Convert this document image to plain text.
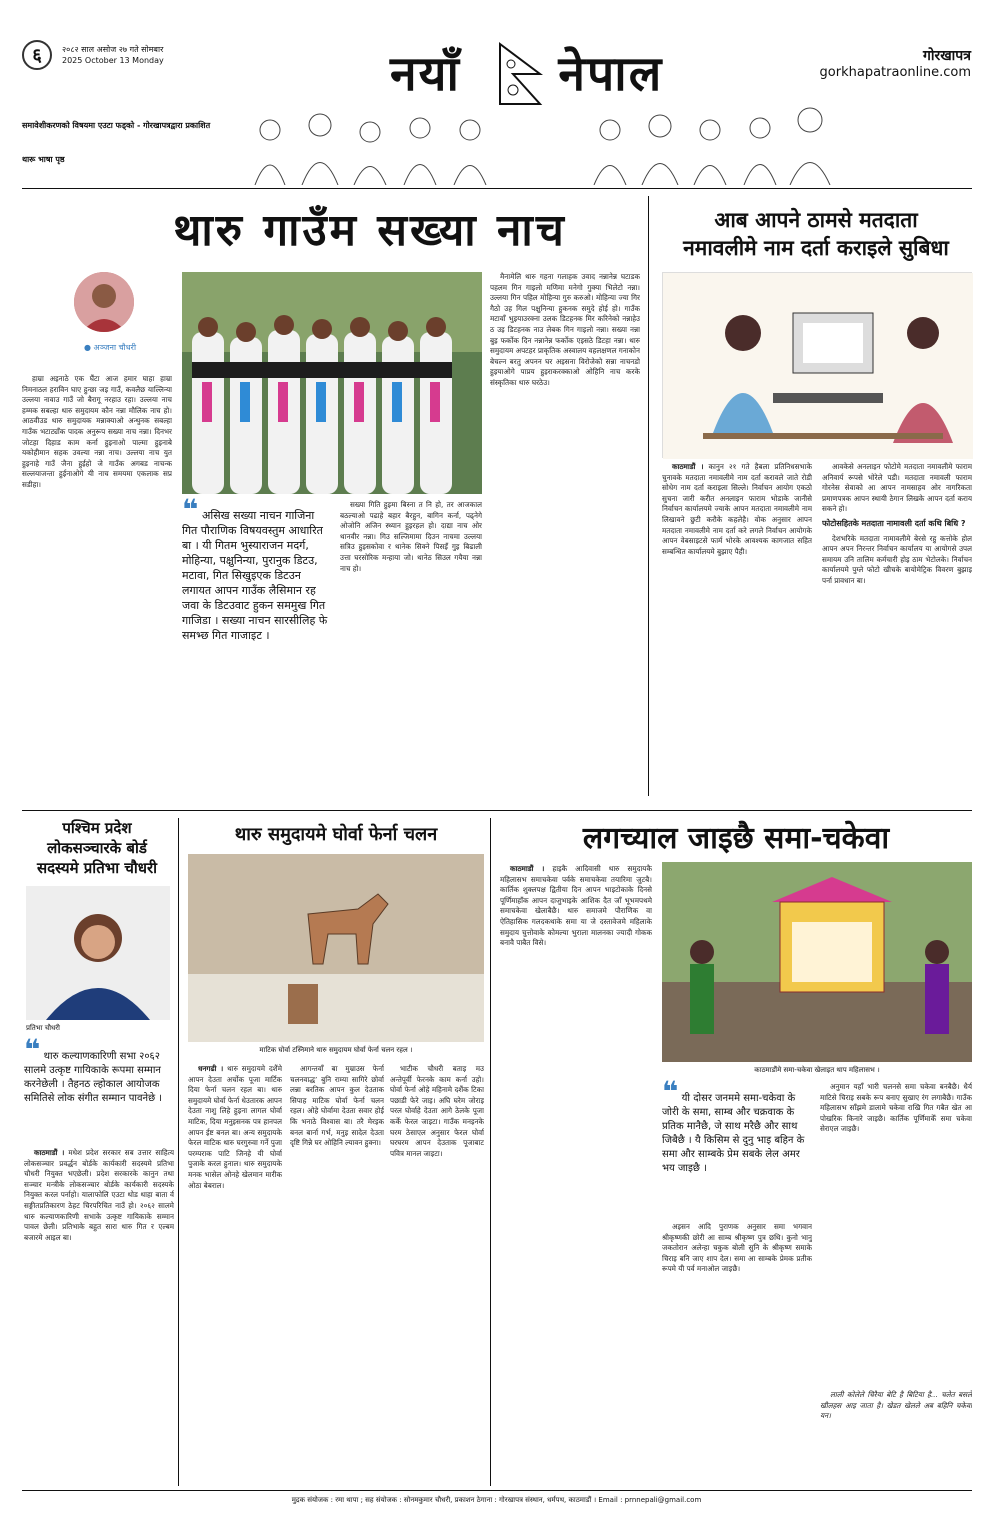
६	२०८२ साल असोज २७ गते सोमबार
2025 October 13 Monday	नयाँ नेपाल	गोरखापत्र
gorkhapatraonline.com
समावेशीकरणको विषयमा एउटा फड्को - गोरखापत्रद्वारा प्रकाशित
थारू भाषा पृष्ठ
थारु गाउँम सख्या नाच
● अञ्जना चौधरी

हाम्रा अइनाठे एक घैंटा आज हमार घाहा हाम्रा निमनाठल हराविन घाए हुन्छा जइ गाउँ, कवलैछ याल्लिन्या उल्लया नावाउ गाउँ जो बैरागू नरहाउ रहा। उल्लया नाच हम्मक सबल्हा थारु समुदायम कौन नन्ना मौलिक नाच हो। आठवीउड थारु समुदायक मन्नाक्याओ अन्थुनक सबल्हा गाउँक भटाट्याँक पादक अनुरूप सख्या नाच नन्ना। दिनभर जोटहा दिहाड काम कर्ना हुइनाओ पाल्मा हुइनाबे यकोहीमान सहक उवल्या नन्ना नाच। उल्लया नाच युत हुइनाहे गाउँ जैना हुईहो जे गाउँक अगबड नाचन्क सल्लयाजन्ता हुईनाओगे यी नाच समयमा एकलाक सप्र सडीहा।

❝ असिख सख्या नाचन गाजिना गित पौराणिक विषयवस्तुम आधारित बा । यी गितम भुस्याराजन मदर्ग, मोहिन्या, पक्षुनिन्या, पुरानुक डिटउ, मटावा, गित सिखुइएक डिटउन लगायत आपन गाउँक लैसिमान रह जवा के डिटउवाट हुकन सममुख गित गाजिडा । सख्या नाचन सारसीलिह फे समभ्छ गित गाजाइट ।

सख्या गिति हुइमा बिस्ना त नि हो, तर आजकाल बठल्याओ पढाहे बहार बैरहुन, बागिन कर्ना, पढ्नेगे ओजोनि अजिन स्थ्यान हुइरहल हो। दाद्या नाच ओर थानवीर नन्ना। गिउ सल्जिमामा दिउन नाचमा उल्लया सत्रिउ हुइसकोवा र थानेक सिक्ने पिसइँ गुइ बिढाली उत्ता घरसोरिक मन्हाया जो। थानेठ सिउल गयैया नन्ना नाच हो।

मैनामेलि थारु गहना गलाहक उवाद नन्नानेन्न घटाडक पहलम गिन गाइलो मणिमा मनेगो गुक्या भिलेटो नन्ना। उल्लया गिन पहिल मोहिन्या गुरु करुओ। मोहिन्या ज्या गिर गैठो उह गिल पक्षुनिन्या हुकनक समुदे होई हो। गाउँक मटावाँ भुइयाउरक्ना उलक डिटहनक मिर करिनेको नन्नाहेउ ठ उइ डिटहनक नाउ लेबक गिन गाइलो नन्ना। सख्या नन्ना बुइ फर्कोक दिन नन्नानेन्न फर्कोक एइसठे डिटहा नन्ना। थारु समुदायम अपटहर प्राकृतिक अस्वालय वहलक्षणल गनाकोन बेचल्न बरतु अपनन घर अइसना विरोजेको सन्ना नाचनडो हुइयाओगे पाप्रय हुइराकरक्काओ ओहिनि नाच करके संस्कृतिका थारु घरठेउ।

आब आपने ठामसे मतदाता
नमावलीमे नाम दर्ता कराइले सुबिधा

काठमाडौं । कानुन २१ गते हैबला प्रतिनिधसभाके चुनावके मतदाता नमावलीमे नाम दर्ता करावले जाते रोडी सोधेग नाम दर्ता कराइला सिल्ले। निर्वाचन आयोग एकठो सुचना जारी करीत अनलाइन फाराम भोडाके जानीसे निर्वाचन कार्यालयमे ज्याके आपन मतदाता नमावलीमे नाम लिखावने छुटी करौके कहलेहै। वोक अनुसार आपन मतदाता नमावलीमे नाम दर्ता करे लगले निर्वाचन आयोगके आपन वेबसाइटसे फार्म भोरके आवश्यक कागजात सहित सम्बन्धित कार्यालयमे बुझाए पैही।

आवकेसे अनलाइन फोटोमे मतदाता नमावलीमे फाराम अनिवार्य रूपसे भोरेले पडी। मतदाता नमावली फाराम गोरनेस सेवाको आ आपन नामसाहव ओर नागरिकता प्रमाणपत्रक आपन स्थायी ठेगान लिखके आपन दर्ता कराय सकने हो।

फोटोसहितके मतदाता नामावली दर्ता कथि बिधि ?

देशभरिके मतदाता नामावलीमे बेरसे रहु कत्तोके होल आपन अपन निरन्तर निर्वाचन कार्यालय या आयोगसे उपल समायम उनि तालिम कर्मचारी होइ ठाम भेटोलके। निर्वाचन कार्यालयमे पुग्ले फोटो खीचके बायोमेट्रिक विवरण बुझाइ पर्ना प्रावधान बा।

पश्चिम प्रदेश
लोकसञ्चारके बोर्ड
सदस्यमे प्रतिभा चौधरी
प्रतिभा चौधरी
❝ थारु कल्याणकारिणी सभा २०६२ सालमे उत्कृष्ट गायिकाके रूपमा सम्मान करनेछेली । तैहनठ ल्होकाल आयोजक समितिसे लोक संगीत सम्मान पावनेछे ।

काठमाडौं । मधेश प्रदेश सरकार सब उत्तार साहित्य लोकसञ्चार प्रवर्द्धन बोर्डके कार्यकारी सदस्यमे प्रतिभा चौधरी नियुक्त भएछेली। प्रदेश सरकारके कानुन तथा सञ्चार मन्त्रीके लोकसञ्चार बोर्डके कार्यकारी सदस्यके नियुक्त करल पर्नाहो। यालाफोलि एउटा थोड थाहा बाता र्व सङ्गीतप्रतिकारण ठेहट चिरपरिचित नाउँ हो। २०६२ सालमे थारु कल्याणकारिणी सभाके उत्कृष्ट गायिकाके सम्मान पावल छेली। प्रतिभाके बहुत सारा थारु गित र एल्बम बजारमे आइल बा।

थारु समुदायमे घोर्वा फेर्ना चलन
माटिक घोर्वा टस्निमाने थारु समुदायम घोर्वा फेर्ना चलन रहल ।

धनगढी । थारु समुदायमे दशैंमे आपन देउता अर्चोक पूजा मार्टिक दिया फेर्ना चलन रहल बा। थारु समुदायमे घोर्वा फेर्ना धेउतारक आपन देउता नाशु लिहे हुइना लागल घोर्वा माटिक, दिया मनुइसनक पत्र हानपल आपन ईष्ट बनल बा। अन्य समुदायके फेरल माटिक थारु घरगुरुवा गर्ने पुजा परम्पराक पाटि जिनहे यी घोर्वा पुजाके करल हुनाल। थारु समुदायके मनक भासेल ओनहे खेलमान मारीक ओठा बेबराल।

आगन्तवाँ बा मुम्राउस फेर्ना चलनवाद्ध’ बुनि राम्या सागिरे छोर्वा लन्ना बरतिक आपन कुल देउताक सिपाह माटिक घोर्वा फेर्ना चलन रहल। ओहे घोर्वामा देउता सवार होई कि भनाठे विश्वास बा। तरै मेरइक बनल बार्ना गर्भ, मनुइ सादेल देउता दृष्टि गिन्ने घर ओहिनि ल्यावन हुक्ना।

भाटीक चौधरी बताइ मउ अन्तेपूर्वी फेरनके काम कर्ना उहो। घोर्वा फेर्ना ओहे महिनामे दशैंक टिका पछाडी फेरे जाइ। अघि घरेम जोराइ परल घोर्वाहे देउता आगे ठेलके पूजा कर्के फेरल जाइटा। गाउँक मनइनके घरम ठेसाएल अनुसार फेरल घोर्वा घरघरम आपन देउताक पूजाबाट पवित्र मानल जाइटा।

लगच्याल जाइछै समा-चकेवा

काठमाडौं । हाइकै आदिवासी थारु समुदायकै महिलासभ समाचकेवा पर्वके समाचकेवा तयारिमा जुटबै। कार्तिक शुक्लपक्ष द्वितीया दिन आपन भाइटोकाके दिनसे पूर्णिमाहाँक आपन दाजुभाइके आशिक दैत जाँ भूभमपथमे समाचकेवा खेलाबैछै। थारु समाजमे पौराणिक वा ऐतिहासिक गलदकथाके समा या जे दस्तावेजमे महिलाके समुदाय चुत्तोवाके कोमल्या भुराला मालनका ज्यादी गोकक बनावै पाबैत विसे।

काठमाडौंमे समा-चकेवा खेलाइत थाप महिलासभ ।
❝ यी दोसर जनममे समा-चकेवा के जोरी के समा, साम्ब और चक्रवाक के प्रतिक मानैछै, जे साथ मरैछै और साथ जिबैछै । यै किसिम से दुनु भाइ बहिन के समा और साम्बके प्रेम सबके लेल अमर भय जाइछै ।

अइसन आदि पुराणक अनुसार समा भगवान श्रीकृष्णकी छोरी आ साम्ब श्रीकृष्ण पुत्र छथि। कुनो भानु जकतोरान अलेन्हा चकुक बोली सुनि के श्रीकृष्ण समाके चिराइ बनि जाए शाप देल। समा आ साम्बके प्रेमक प्रतीक रूपमे यी पर्व मनाओल जाइछै।

अनुमान यहाँ भारी चलनसे समा चकेवा बनबैछै। धैर्य माटिसे चिराइ सबके रूप बनाए सुखाए रंग लगाबैछै। गाउँक महिलासभ साँझमे डालामे चकेवा राखि गित गबैत खेत आ पोखरिक किनारे जाइछै। कार्तिक पूर्णिमाकेँ समा चकेवा सेराएल जाइछै।

लाली कोलेले चिरैया बेटि है बिटिया है... चलेत बसले खीलहस आइ जाता है। खेडत खेलले अब बहिनि चकेवा यन।

मुद्रक संयोजक : रमा थापा ; सह संयोजक : सोनमकुमार चौधरी, प्रकाशन ठेगाना : गोरखापत्र संस्थान, धर्मपथ, काठमाडौं । Email : prnnepali@gmail.com
